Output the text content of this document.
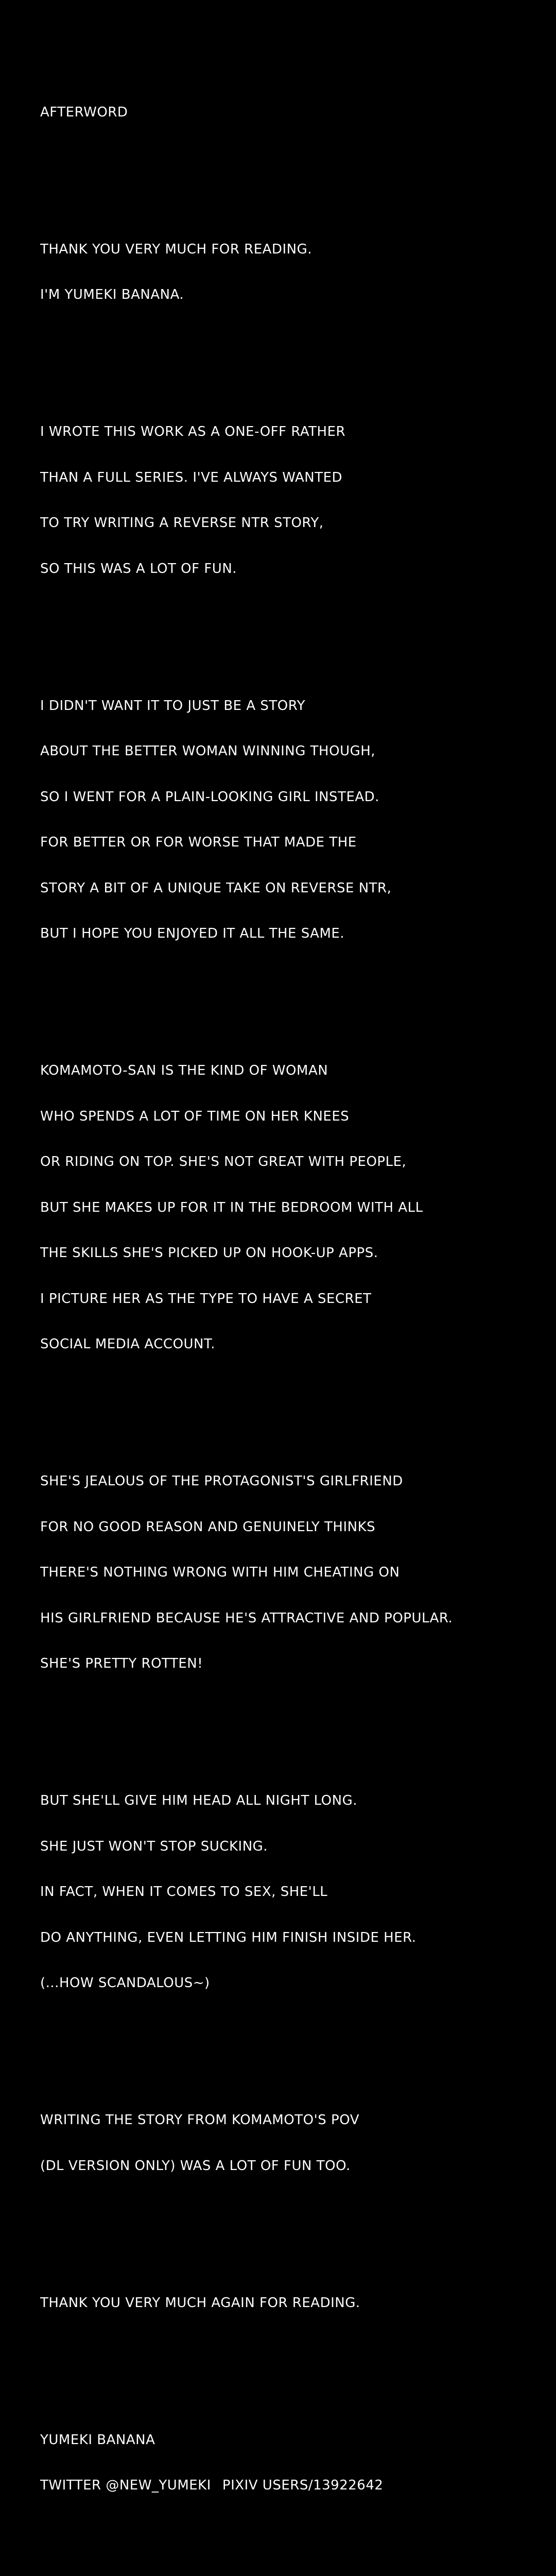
AFTERWORD

THANK YOU VERY MUCH FOR READING.

I'M YUMEKI BANANA.

I WROTE THIS WORK AS A ONE-OFF RATHER

THAN A FULL SERIES. I'VE ALWAYS WANTED

TO TRY WRITING A REVERSE NTR STORY,

SO THIS WAS A LOT OF FUN.

I DIDN'T WANT IT TO JUST BE A STORY

ABOUT THE BETTER WOMAN WINNING THOUGH,

SO I WENT FOR A PLAIN-LOOKING GIRL INSTEAD.

FOR BETTER OR FOR WORSE THAT MADE THE

STORY A BIT OF A UNIQUE TAKE ON REVERSE NTR,

BUT I HOPE YOU ENJOYED IT ALL THE SAME.

KOMAMOTO-SAN IS THE KIND OF WOMAN

WHO SPENDS A LOT OF TIME ON HER KNEES

OR RIDING ON TOP. SHE'S NOT GREAT WITH PEOPLE,

BUT SHE MAKES UP FOR IT IN THE BEDROOM WITH ALL

THE SKILLS SHE'S PICKED UP ON HOOK-UP APPS.

I PICTURE HER AS THE TYPE TO HAVE A SECRET

SOCIAL MEDIA ACCOUNT.

SHE'S JEALOUS OF THE PROTAGONIST'S GIRLFRIEND

FOR NO GOOD REASON AND GENUINELY THINKS

THERE'S NOTHING WRONG WITH HIM CHEATING ON

HIS GIRLFRIEND BECAUSE HE'S ATTRACTIVE AND POPULAR.

SHE'S PRETTY ROTTEN!

BUT SHE'LL GIVE HIM HEAD ALL NIGHT LONG.

SHE JUST WON'T STOP SUCKING.

IN FACT, WHEN IT COMES TO SEX, SHE'LL

DO ANYTHING, EVEN LETTING HIM FINISH INSIDE HER.

(...HOW SCANDALOUS~)

WRITING THE STORY FROM KOMAMOTO'S POV

(DL VERSION ONLY) WAS A LOT OF FUN TOO.

THANK YOU VERY MUCH AGAIN FOR READING.

YUMEKI BANANA

TWITTER @NEW_YUMEKI PIXIV USERS/13922642
